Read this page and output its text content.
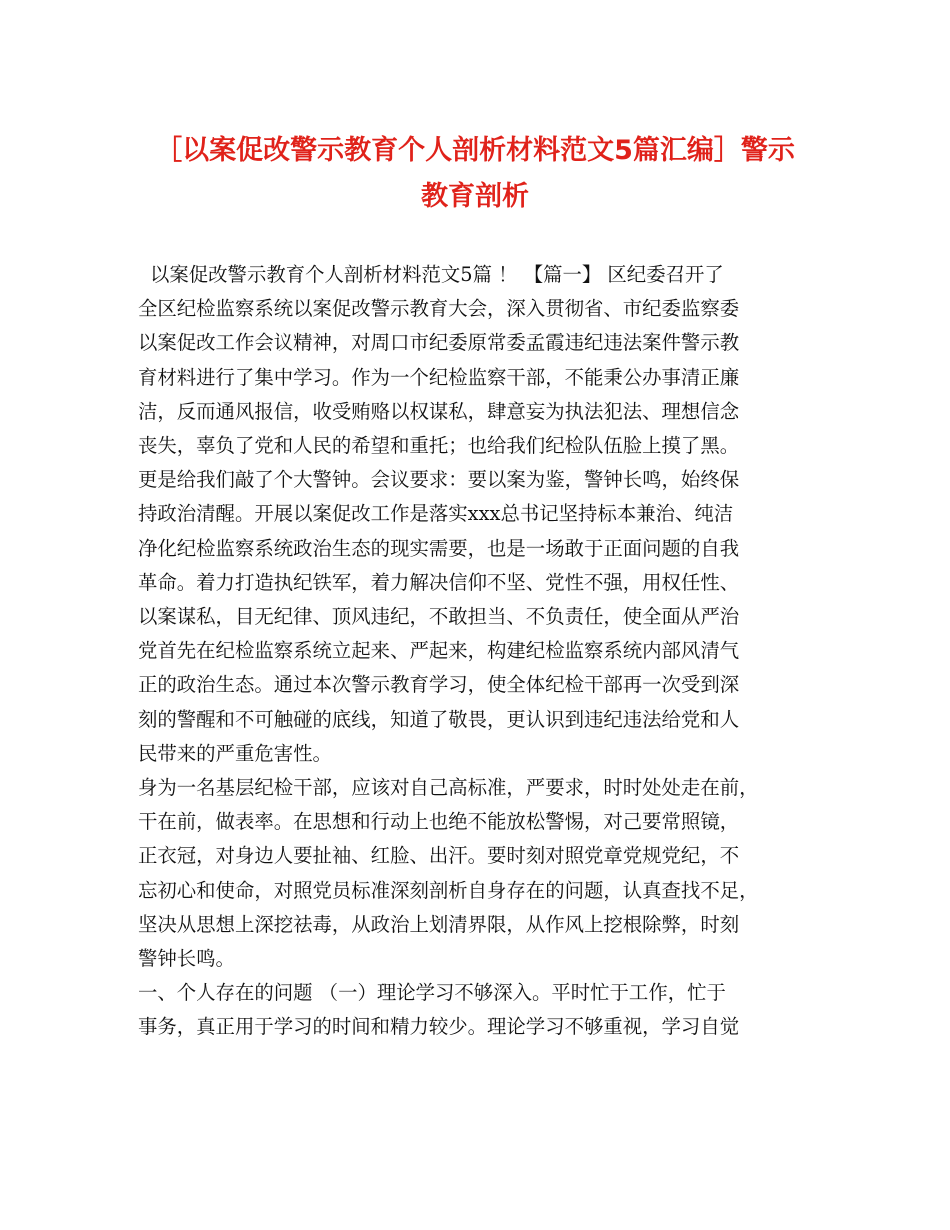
［以案促改警示教育个人剖析材料范文5篇汇编］警示
教育剖析
以案促改警示教育个人剖析材料范文5篇 ！ 【篇一】 区纪委召开了
全区纪检监察系统以案促改警示教育大会，深入贯彻省、市纪委监察委
以案促改工作会议精神，对周口市纪委原常委孟霞违纪违法案件警示教
育材料进行了集中学习。作为一个纪检监察干部，不能秉公办事清正廉
洁，反而通风报信，收受贿赂以权谋私，肆意妄为执法犯法、理想信念
丧失，辜负了党和人民的希望和重托；也给我们纪检队伍脸上摸了黑。
更是给我们敲了个大警钟。会议要求：要以案为鉴，警钟长鸣，始终保
持政治清醒。开展以案促改工作是落实xxx总书记坚持标本兼治、纯洁
净化纪检监察系统政治生态的现实需要，也是一场敢于正面问题的自我
革命。着力打造执纪铁军，着力解决信仰不坚、党性不强，用权任性、
以案谋私，目无纪律、顶风违纪，不敢担当、不负责任，使全面从严治
党首先在纪检监察系统立起来、严起来，构建纪检监察系统内部风清气
正的政治生态。通过本次警示教育学习，使全体纪检干部再一次受到深
刻的警醒和不可触碰的底线，知道了敬畏，更认识到违纪违法给党和人
民带来的严重危害性。
身为一名基层纪检干部，应该对自己高标准，严要求，时时处处走在前，
干在前，做表率。在思想和行动上也绝不能放松警惕，对己要常照镜，
正衣冠，对身边人要扯袖、红脸、出汗。要时刻对照党章党规党纪，不
忘初心和使命，对照党员标准深刻剖析自身存在的问题，认真查找不足，
坚决从思想上深挖祛毒，从政治上划清界限，从作风上挖根除弊，时刻
警钟长鸣。
一、个人存在的问题 （一）理论学习不够深入。平时忙于工作，忙于
事务，真正用于学习的时间和精力较少。理论学习不够重视，学习自觉
